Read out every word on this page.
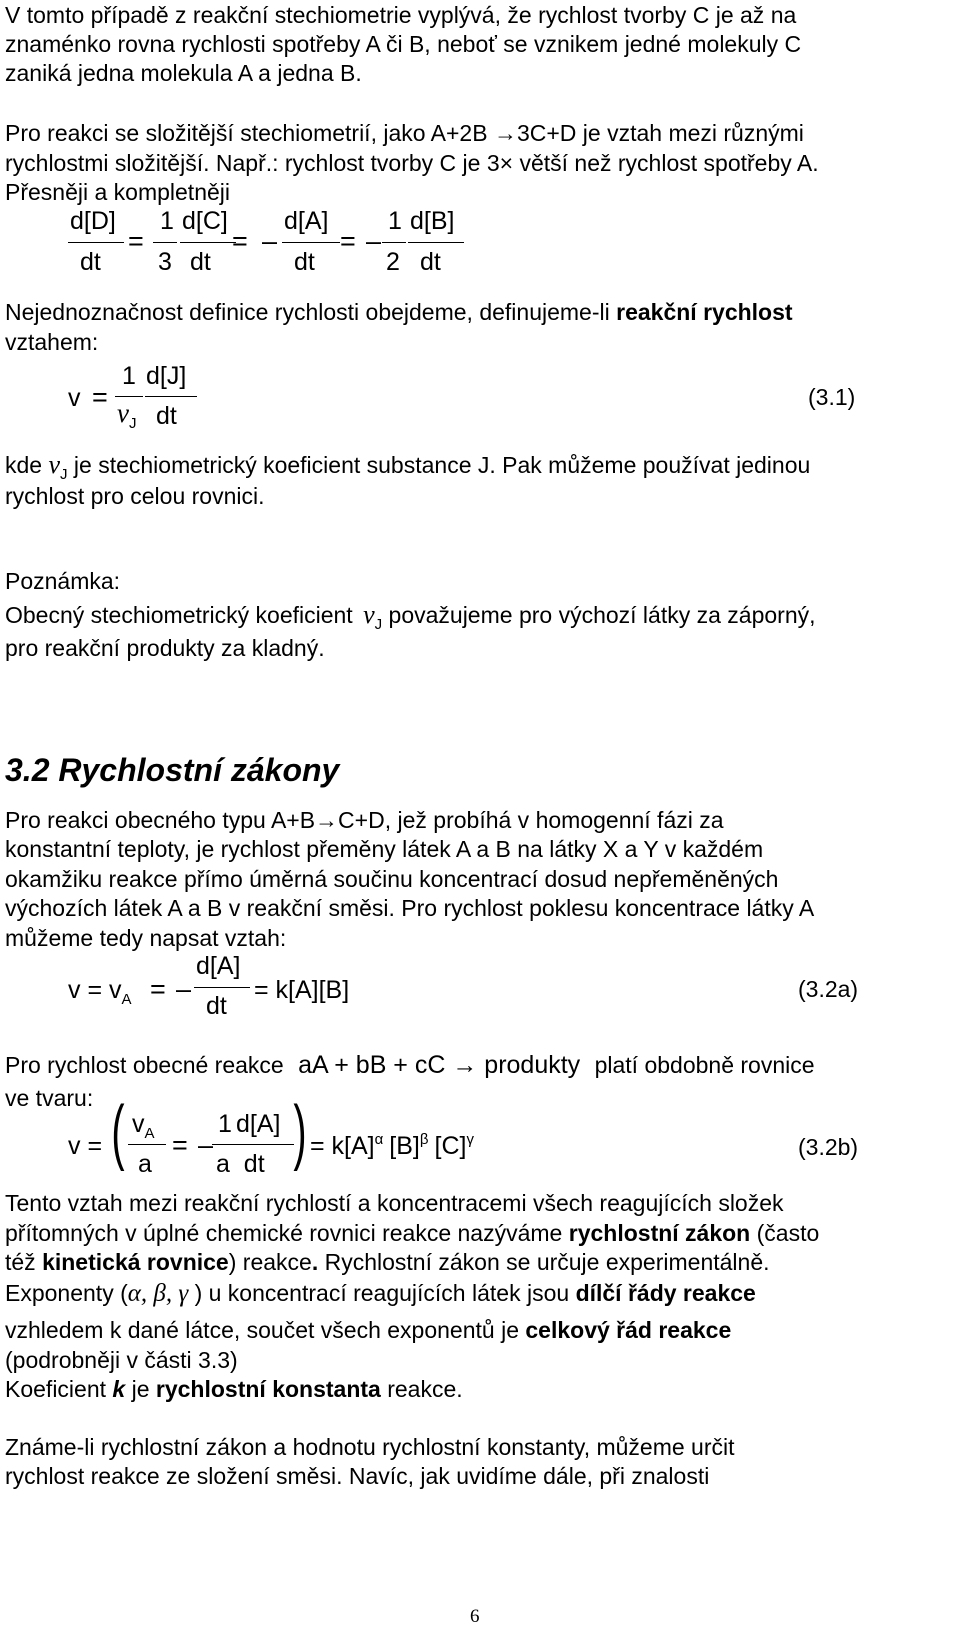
V tomto případě z reakční stechiometrie vyplývá, že rychlost tvorby C je až na
znaménko rovna rychlosti spotřeby A či B, neboť se vznikem jedné molekuly C
zaniká jedna molekula A a jedna B.
Pro reakci se složitější stechiometrií, jako A+2B →3C+D je vztah mezi různými
rychlostmi složitější. Např.: rychlost tvorby C je 3× větší než rychlost spotřeby A.
Přesněji a kompletněji
d[D]
dt
=
1
3
d[C]
dt
= –
d[A]
dt
= –
1
2
d[B]
dt
Nejednoznačnost definice rychlosti obejdeme, definujeme-li reakční rychlost
vztahem:
v =
1
$\nu_J$
d[J]
dt
(3.1)
kde $\nu_J$ je stechiometrický koeficient substance J. Pak můžeme používat jedinou
rychlost pro celou rovnici.
Poznámka:
Obecný stechiometrický koeficient $\nu_J$ považujeme pro výchozí látky za záporný,
pro reakční produkty za kladný.
3.2 Rychlostní zákony
Pro reakci obecného typu A+B→C+D, jež probíhá v homogenní fázi za
konstantní teploty, je rychlost přeměny látek A a B na látky X a Y v každém
okamžiku reakce přímo úměrná součinu koncentrací dosud nepřeměněných
výchozích látek A a B v reakční směsi. Pro rychlost poklesu koncentrace látky A
můžeme tedy napsat vztah:
$v = v_A$ = –
d[A]
dt
= k[A][B]	(3.2a)
Pro rychlost obecné reakce aA + bB + cC → produkty platí obdobně rovnice
ve tvaru:
v = ( $v_A$
a
= –
1 d[A]
a  dt ) = $k[A]^\alpha$ $[B]^\beta$ $[C]^\gamma$	(3.2b)
Tento vztah mezi reakční rychlostí a koncentracemi všech reagujících složek
přítomných v úplné chemické rovnici reakce nazýváme rychlostní zákon (často
též kinetická rovnice) reakce. Rychlostní zákon se určuje experimentálně.
Exponenty (α, β, γ ) u koncentrací reagujících látek jsou dílčí řády reakce
vzhledem k dané látce, součet všech exponentů je celkový řád reakce
(podrobněji v části 3.3)
Koeficient k je rychlostní konstanta reakce.
Známe-li rychlostní zákon a hodnotu rychlostní konstanty, můžeme určit
rychlost reakce ze složení směsi. Navíc, jak uvidíme dále, při znalosti
6
